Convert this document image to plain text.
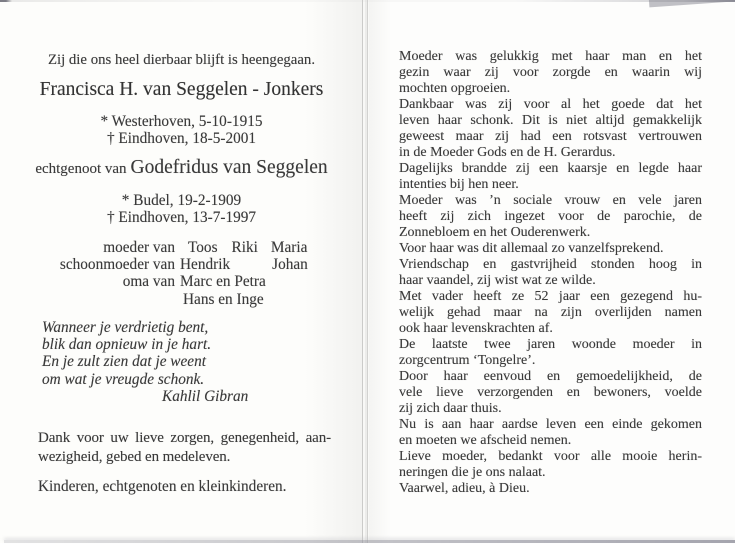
Zij die ons heel dierbaar blijft is heengegaan.
Francisca H. van Seggelen - Jonkers
* Westerhoven, 5-10-1915
† Eindhoven, 18-5-2001
echtgenoot van Godefridus van Seggelen
* Budel, 19-2-1909
† Eindhoven, 13-7-1997
moeder van Toos Riki Maria
schoonmoeder van Hendrik	Johan
oma van Marc en Petra
Hans en Inge
Wanneer je verdrietig bent,
blik dan opnieuw in je hart.
En je zult zien dat je weent
om wat je vreugde schonk.
Kahlil Gibran
Dank voor uw lieve zorgen, genegenheid, aan-
wezigheid, gebed en medeleven.
Kinderen, echtgenoten en kleinkinderen.
Moeder was gelukkig met haar man en het
gezin waar zij voor zorgde en waarin wij
mochten opgroeien.
Dankbaar was zij voor al het goede dat het
leven haar schonk. Dit is niet altijd gemakkelijk
geweest maar zij had een rotsvast vertrouwen
in de Moeder Gods en de H. Gerardus.
Dagelijks brandde zij een kaarsje en legde haar
intenties bij hen neer.
Moeder was ’n sociale vrouw en vele jaren
heeft zij zich ingezet voor de parochie, de
Zonnebloem en het Ouderenwerk.
Voor haar was dit allemaal zo vanzelfsprekend.
Vriendschap en gastvrijheid stonden hoog in
haar vaandel, zij wist wat ze wilde.
Met vader heeft ze 52 jaar een gezegend hu-
welijk gehad maar na zijn overlijden namen
ook haar levenskrachten af.
De laatste twee jaren woonde moeder in
zorgcentrum ‘Tongelre’.
Door haar eenvoud en gemoedelijkheid, de
vele lieve verzorgenden en bewoners, voelde
zij zich daar thuis.
Nu is aan haar aardse leven een einde gekomen
en moeten we afscheid nemen.
Lieve moeder, bedankt voor alle mooie herin-
neringen die je ons nalaat.
Vaarwel, adieu, à Dieu.
